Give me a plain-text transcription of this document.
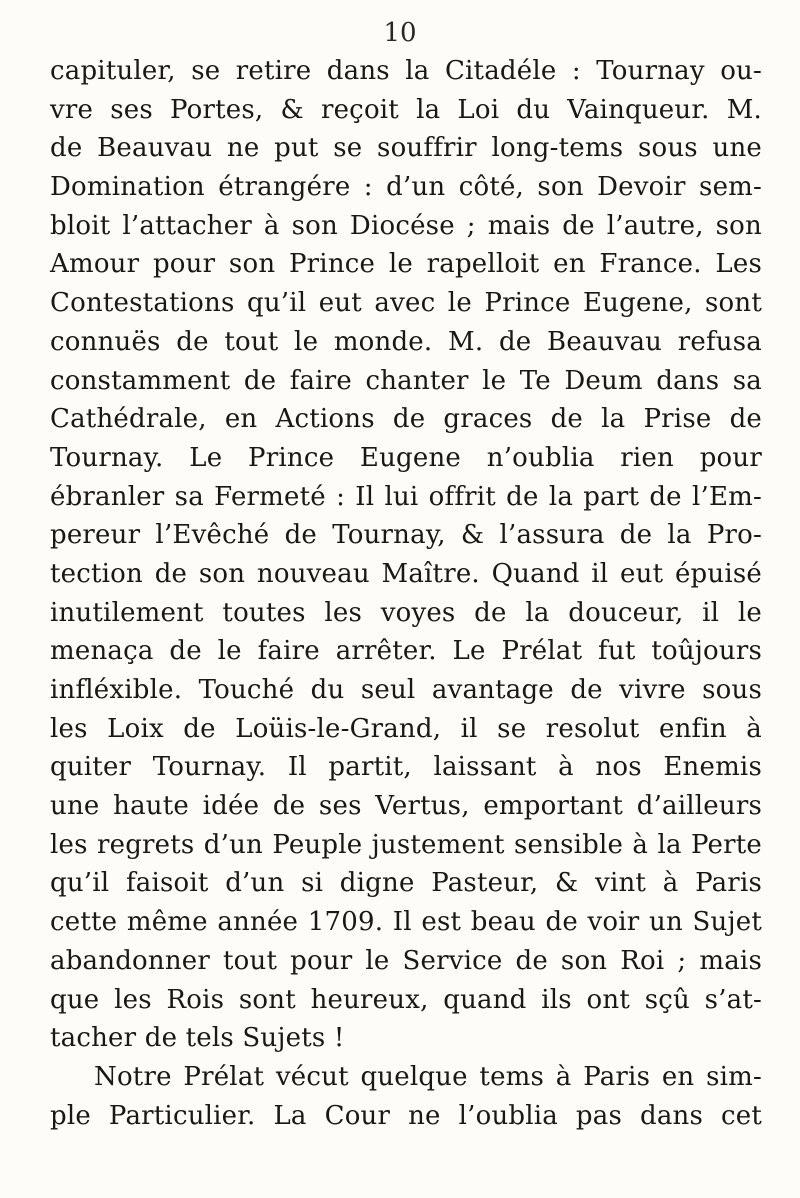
10
capituler, se retire dans la Citadéle : Tournay ou-
vre ses Portes, & reçoit la Loi du Vainqueur. M.
de Beauvau ne put se souffrir long-tems sous une
Domination étrangére : d’un côté, son Devoir sem-
bloit l’attacher à son Diocése ; mais de l’autre, son
Amour pour son Prince le rapelloit en France. Les
Contestations qu’il eut avec le Prince Eugene, sont
connuës de tout le monde. M. de Beauvau refusa
constamment de faire chanter le Te Deum dans sa
Cathédrale, en Actions de graces de la Prise de
Tournay. Le Prince Eugene n’oublia rien pour
ébranler sa Fermeté : Il lui offrit de la part de l’Em-
pereur l’Evêché de Tournay, & l’assura de la Pro-
tection de son nouveau Maître. Quand il eut épuisé
inutilement toutes les voyes de la douceur, il le
menaça de le faire arrêter. Le Prélat fut toûjours
infléxible. Touché du seul avantage de vivre sous
les Loix de Loüis-le-Grand, il se resolut enfin à
quiter Tournay. Il partit, laissant à nos Enemis
une haute idée de ses Vertus, emportant d’ailleurs
les regrets d’un Peuple justement sensible à la Perte
qu’il faisoit d’un si digne Pasteur, & vint à Paris
cette même année 1709. Il est beau de voir un Sujet
abandonner tout pour le Service de son Roi ; mais
que les Rois sont heureux, quand ils ont sçû s’at-
tacher de tels Sujets !
Notre Prélat vécut quelque tems à Paris en sim-
ple Particulier. La Cour ne l’oublia pas dans cet
